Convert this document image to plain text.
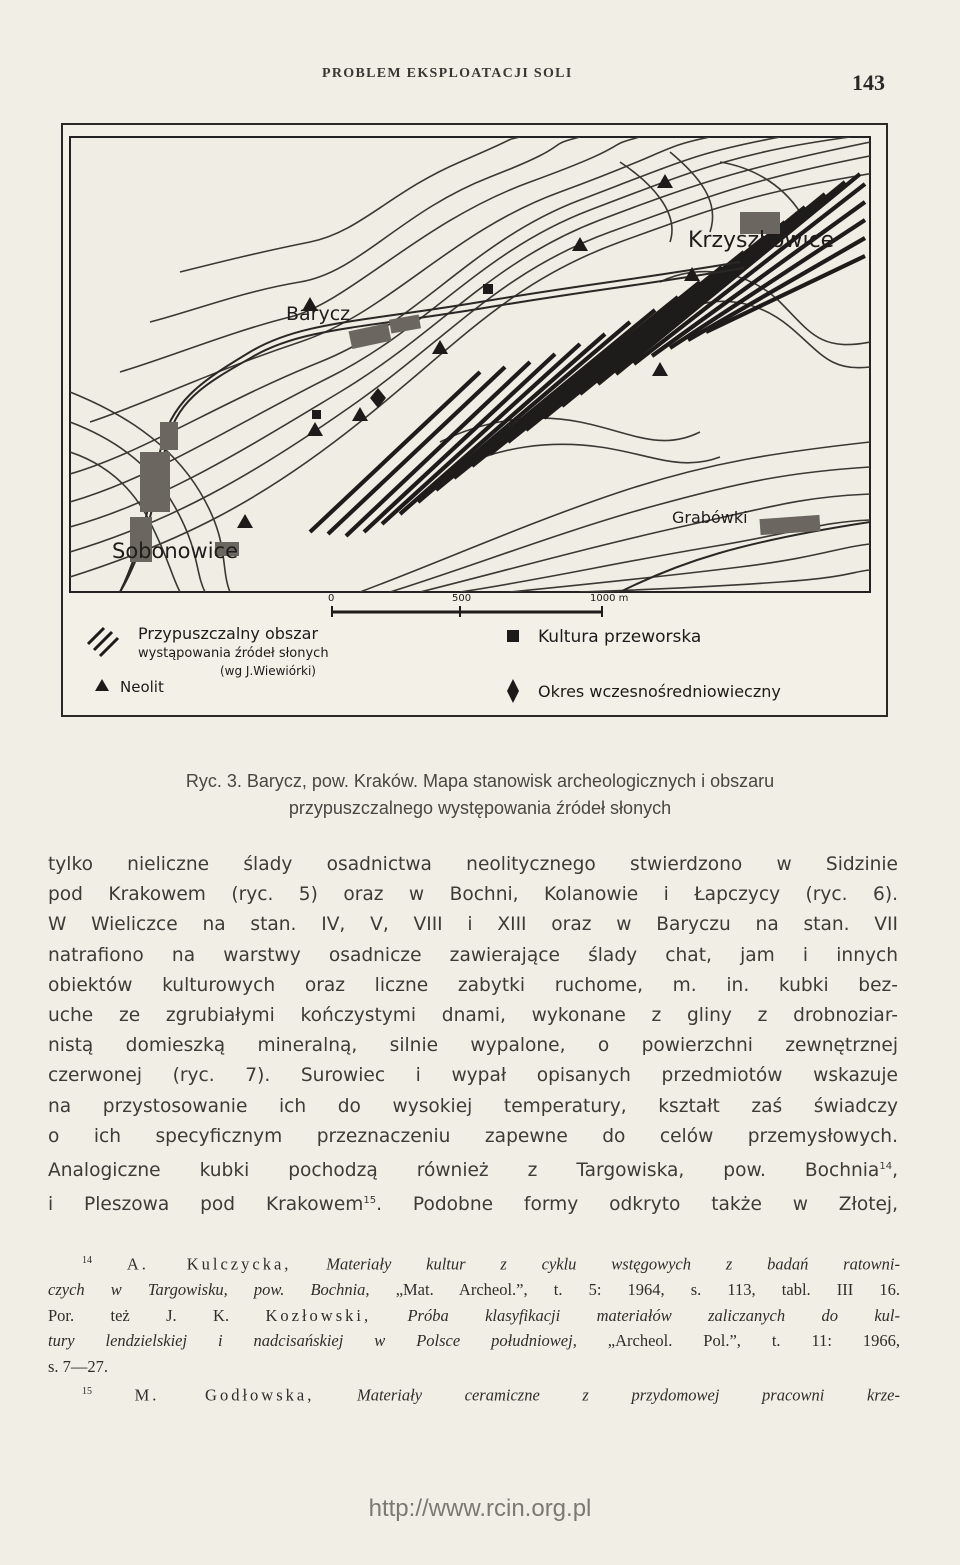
PROBLEM EKSPLOATACJI SOLI	143
Barycz
Krzyszkowice
Sobonowice
Grabówki
0	500	1000 m
Przypuszczalny obszar
wystąpowania źródeł słonych
(wg J.Wiewiórki)
Neolit
Kultura przeworska
Okres wczesnośredniowieczny
Ryc. 3. Barycz, pow. Kraków. Mapa stanowisk archeologicznych i obszaru
przypuszczalnego występowania źródeł słonych
tylko nieliczne ślady osadnictwa neolitycznego stwierdzono w Sidzinie
pod Krakowem (ryc. 5) oraz w Bochni, Kolanowie i Łapczycy (ryc. 6).
W Wieliczce na stan. IV, V, VIII i XIII oraz w Baryczu na stan. VII
natrafiono na warstwy osadnicze zawierające ślady chat, jam i innych
obiektów kulturowych oraz liczne zabytki ruchome, m. in. kubki bez-
uche ze zgrubiałymi kończystymi dnami, wykonane z gliny z drobnoziar-
nistą domieszką mineralną, silnie wypalone, o powierzchni zewnętrznej
czerwonej (ryc. 7). Surowiec i wypał opisanych przedmiotów wskazuje
na przystosowanie ich do wysokiej temperatury, kształt zaś świadczy
o ich specyficznym przeznaczeniu zapewne do celów przemysłowych.
Analogiczne kubki pochodzą również z Targowiska, pow. Bochnia$^{14}$,
i Pleszowa pod Krakowem$^{15}$. Podobne formy odkryto także w Złotej,
$^{14}$ A. Kulczycka, Materiały kultur z cyklu wstęgowych z badań ratowni-
czych w Targowisku, pow. Bochnia, „Mat. Archeol.”, t. 5: 1964, s. 113, tabl. III 16.
Por. też J. K. Kozłowski, Próba klasyfikacji materiałów zaliczanych do kul-
tury lendzielskiej i nadcisańskiej w Polsce południowej, „Archeol. Pol.”, t. 11: 1966,
s. 7—27.
$^{15}$	M. Godłowska,	Materiały ceramiczne z przydomowej pracowni krze-
http://www.rcin.org.pl
